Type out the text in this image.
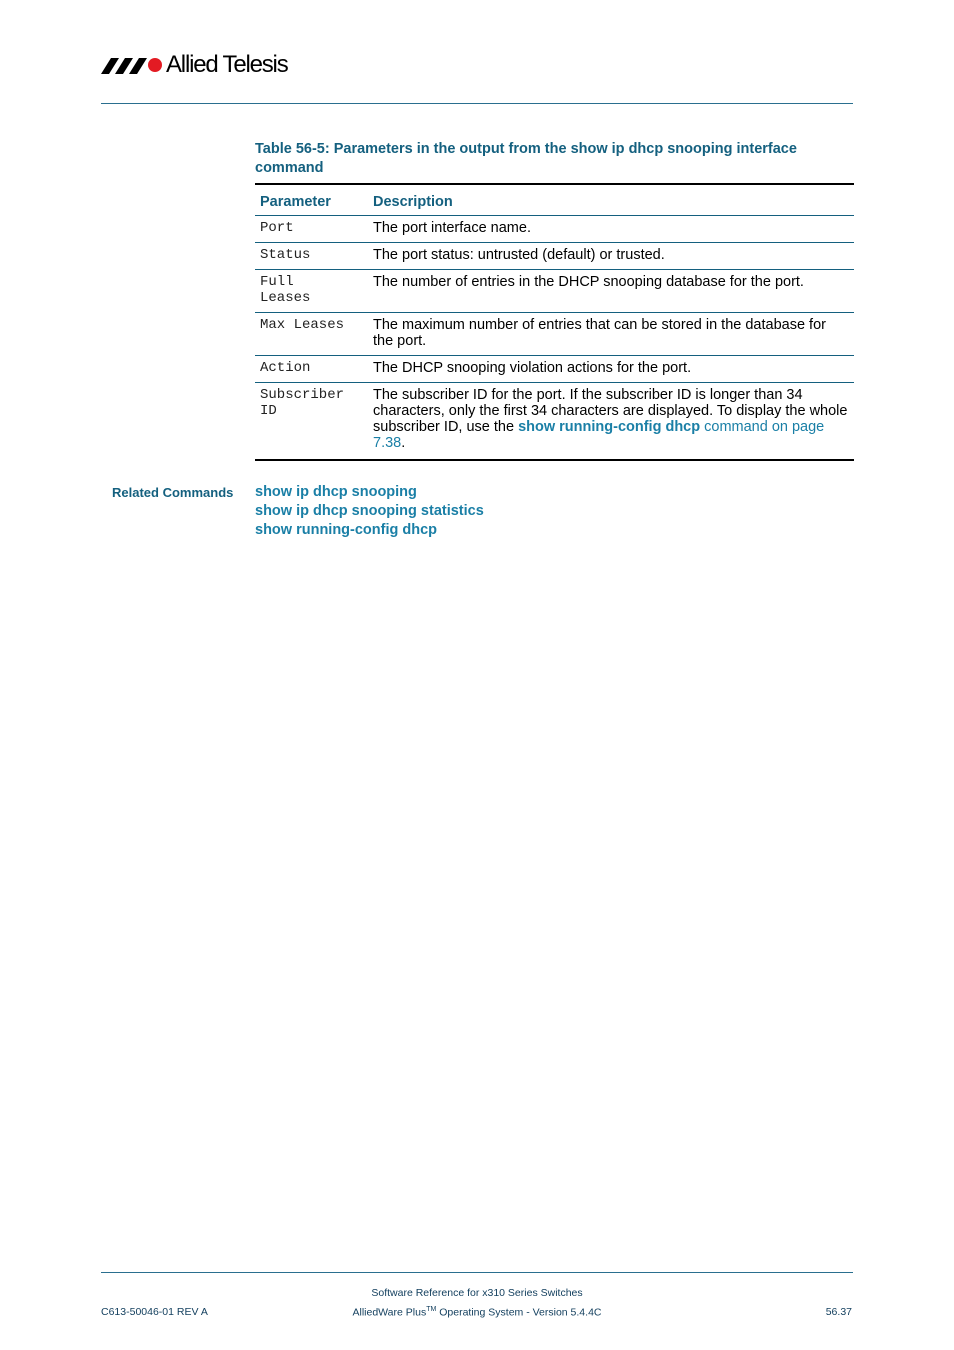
Allied Telesis
Table 56-5: Parameters in the output from the show ip dhcp snooping interface command
Parameter	Description
Port	The port interface name.
Status	The port status: untrusted (default) or trusted.
Full
Leases	The number of entries in the DHCP snooping database for the port.
Max Leases	The maximum number of entries that can be stored in the database for the port.
Action	The DHCP snooping violation actions for the port.
Subscriber
ID	The subscriber ID for the port. If the subscriber ID is longer than 34 characters, only the first 34 characters are displayed. To display the whole subscriber ID, use the show running-config dhcp command on page 7.38.
Related Commands show ip dhcp snooping
show ip dhcp snooping statistics
show running-config dhcp
Software Reference for x310 Series Switches
C613-50046-01 REV A	AlliedWare Plus™ Operating System - Version 5.4.4C	56.37
